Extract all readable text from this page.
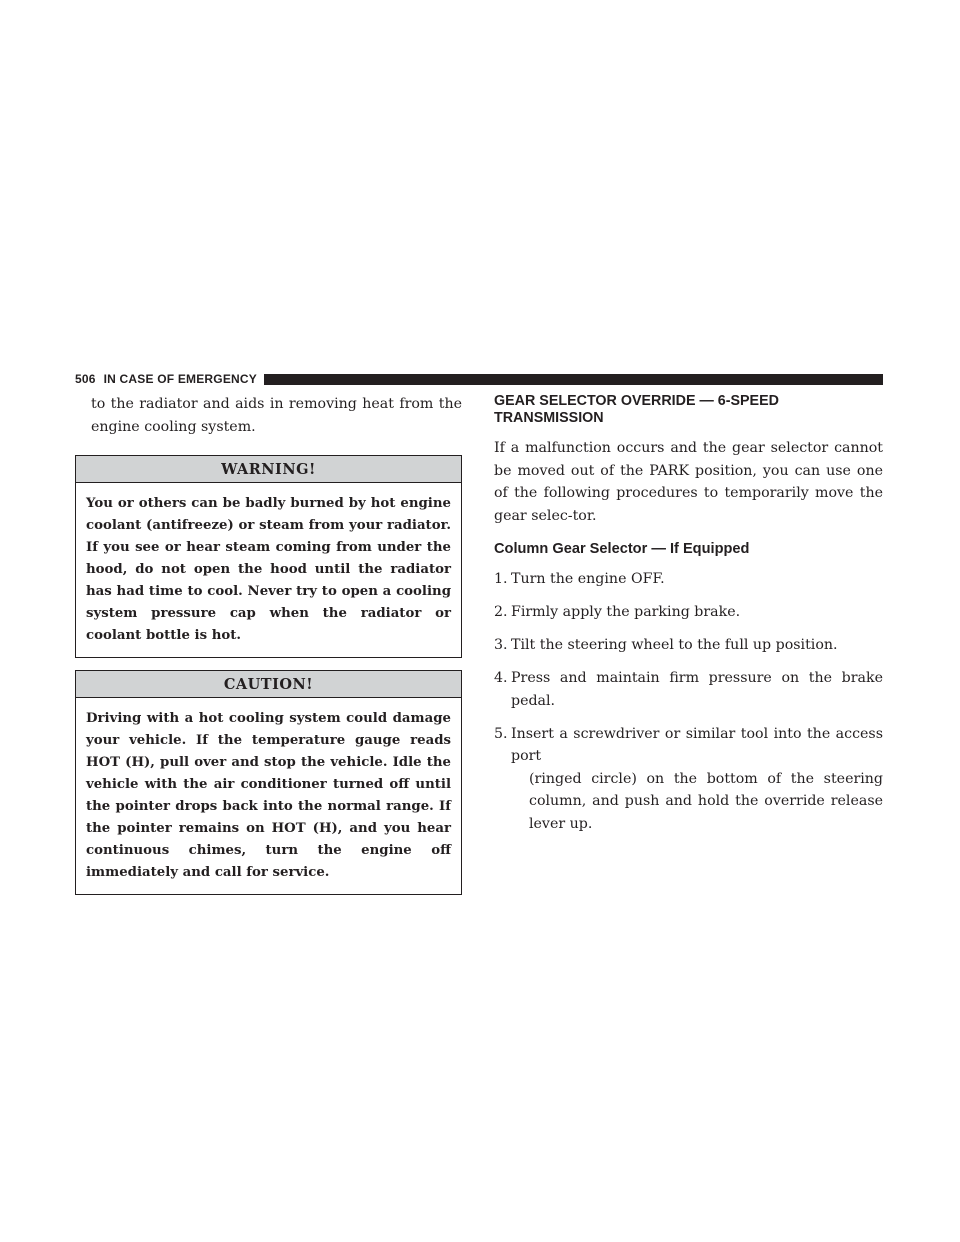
506 IN CASE OF EMERGENCY

to the radiator and aids in removing heat from the
engine cooling system.

WARNING!
You or others can be badly burned by hot engine coolant (antifreeze) or steam from your radiator. If you see or hear steam coming from under the hood, do not open the hood until the radiator has had time to cool. Never try to open a cooling system pressure cap when the radiator or coolant bottle is hot.
CAUTION!
Driving with a hot cooling system could damage your vehicle. If the temperature gauge reads HOT (H), pull over and stop the vehicle. Idle the vehicle with the air conditioner turned off until the pointer drops back into the normal range. If the pointer remains on HOT (H), and you hear continuous chimes, turn the engine off immediately and call for service.
GEAR SELECTOR OVERRIDE — 6-SPEED
TRANSMISSION

If a malfunction occurs and the gear selector cannot be moved out of the PARK position, you can use one of the following procedures to temporarily move the gear selec-tor.

Column Gear Selector — If Equipped
1. Turn the engine OFF.
2. Firmly apply the parking brake.
3. Tilt the steering wheel to the full up position.
4. Press and maintain firm pressure on the brake pedal.
5. Insert a screwdriver or similar tool into the access port
(ringed circle) on the bottom of the steering column, and push and hold the override release lever up.
